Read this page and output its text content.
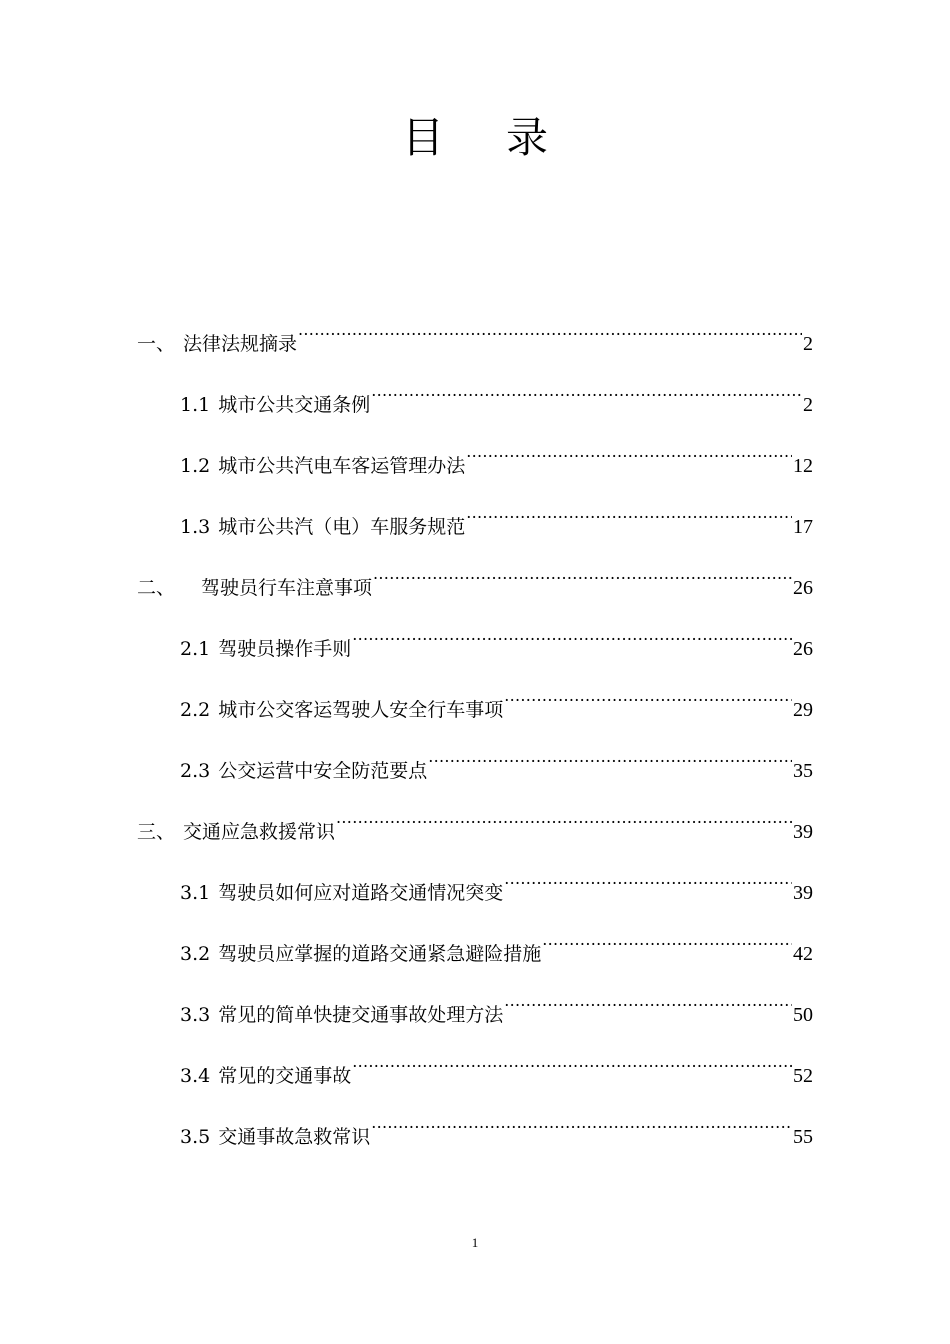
目 录
一、 法律法规摘录 .....	2
1.1 城市公共交通条例 .....	2
1.2 城市公共汽电车客运管理办法 .....	12
1.3 城市公共汽（电）车服务规范 .....	17
二、 驾驶员行车注意事项 .....	26
2.1 驾驶员操作手则 .....	26
2.2 城市公交客运驾驶人安全行车事项 .....	29
2.3 公交运营中安全防范要点 .....	35
三、 交通应急救援常识 .....	39
3.1 驾驶员如何应对道路交通情况突变 .....	39
3.2 驾驶员应掌握的道路交通紧急避险措施 .....	42
3.3 常见的简单快捷交通事故处理方法 .....	50
3.4 常见的交通事故 .....	52
3.5 交通事故急救常识 .....	55
1
